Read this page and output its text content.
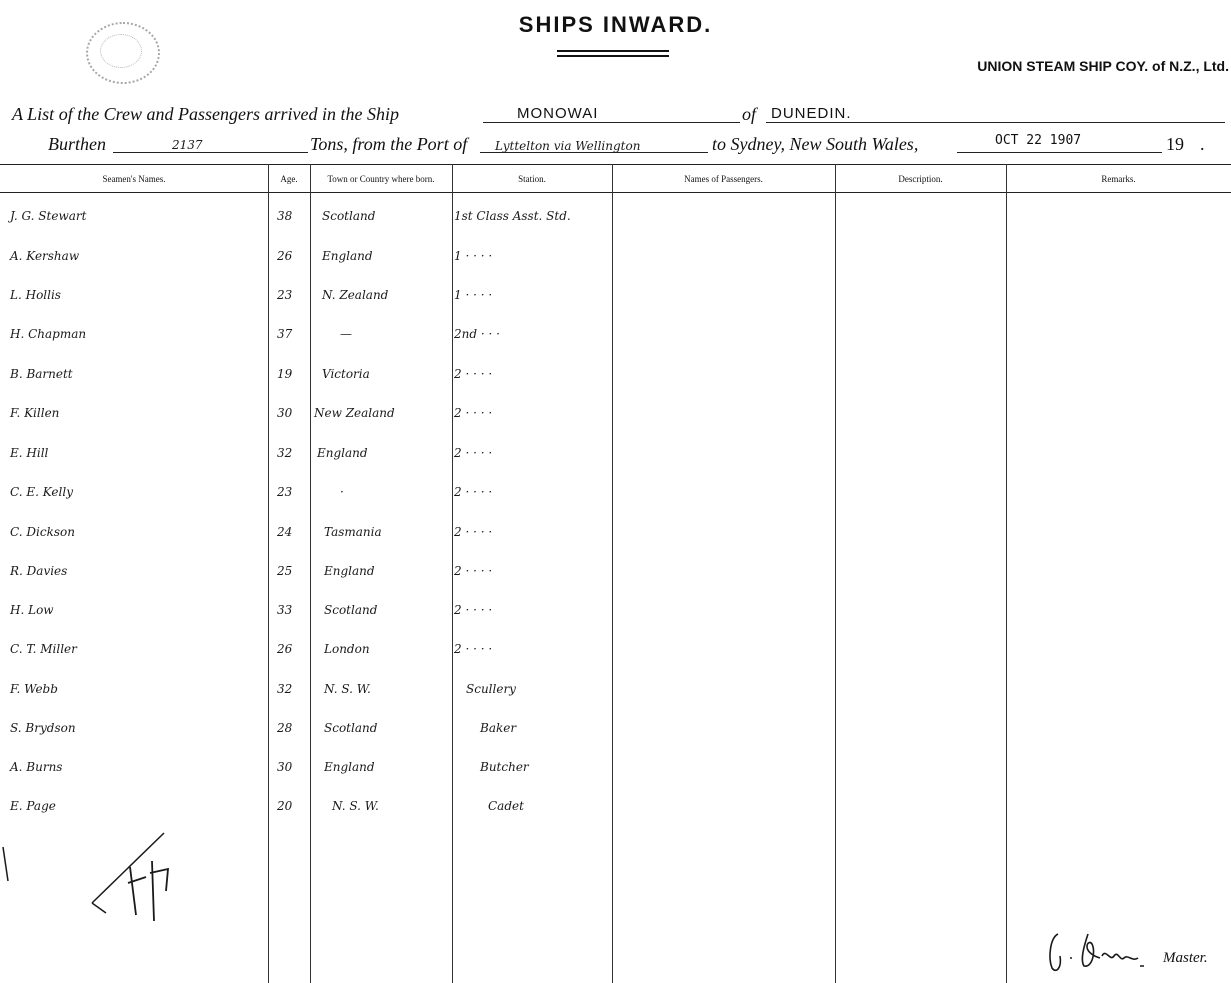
SHIPS INWARD.
UNION STEAM SHIP COY. of N.Z., Ltd.
A List of the Crew and Passengers arrived in the Ship	MONOWAI	of DUNEDIN.
Burthen	2137	Tons, from the Port of Lyttelton via Wellington	to Sydney, New South Wales,	OCT 22 1907	19 .
Seamen's Names.	Age.	Town or Country where born.	Station.	Names of Passengers.	Description.	Remarks.
J. G. Stewart	38 Scotland	1st Class Asst. Std.
A. Kershaw	26 England	1 · · · ·
L. Hollis	23 N. Zealand	1 · · · ·
H. Chapman	37	—	2nd · · ·
B. Barnett	19 Victoria	2 · · · ·
F. Killen	30 New Zealand	2 · · · ·
E. Hill	32 England	2 · · · ·
C. E. Kelly	23	·	2 · · · ·
C. Dickson	24	Tasmania	2 · · · ·
R. Davies	25	England	2 · · · ·
H. Low	33	Scotland	2 · · · ·
C. T. Miller	26	London	2 · · · ·
F. Webb	32	N. S. W.	Scullery
S. Brydson	28	Scotland	Baker
A. Burns	30	England	Butcher
E. Page	20	N. S. W.	Cadet
Master.
